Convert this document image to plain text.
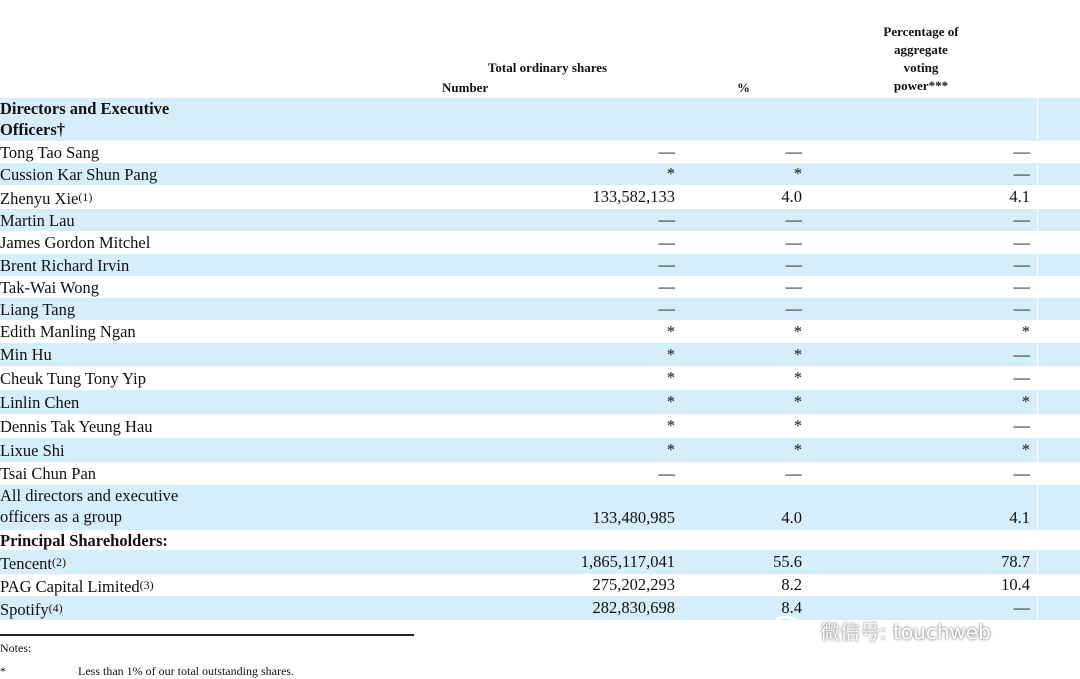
Total ordinary shares
Number	%
Percentage of
aggregate
voting
power***
Directors and Executive
Officers†
Tong Tao Sang	—	—	—
Cussion Kar Shun Pang	*	*	—
Zhenyu Xie$^{(1)}$	133,582,133	4.0	4.1
Martin Lau	—	—	—
James Gordon Mitchel	—	—	—
Brent Richard Irvin	—	—	—
Tak-Wai Wong	—	—	—
Liang Tang	—	—	—
Edith Manling Ngan	*	*	*
Min Hu	*	*	—
Cheuk Tung Tony Yip	*	*	—
Linlin Chen	*	*	*
Dennis Tak Yeung Hau	*	*	—
Lixue Shi	*	*	*
Tsai Chun Pan	—	—	—
All directors and executive
officers as a group	133,480,985	4.0	4.1
Principal Shareholders:
Tencent$^{(2)}$	1,865,117,041	55.6	78.7
PAG Capital Limited$^{(3)}$	275,202,293	8.2	10.4
Spotify$^{(4)}$	282,830,698	8.4	—
Notes:
*	Less than 1% of our total outstanding shares.
微信号: touchweb
